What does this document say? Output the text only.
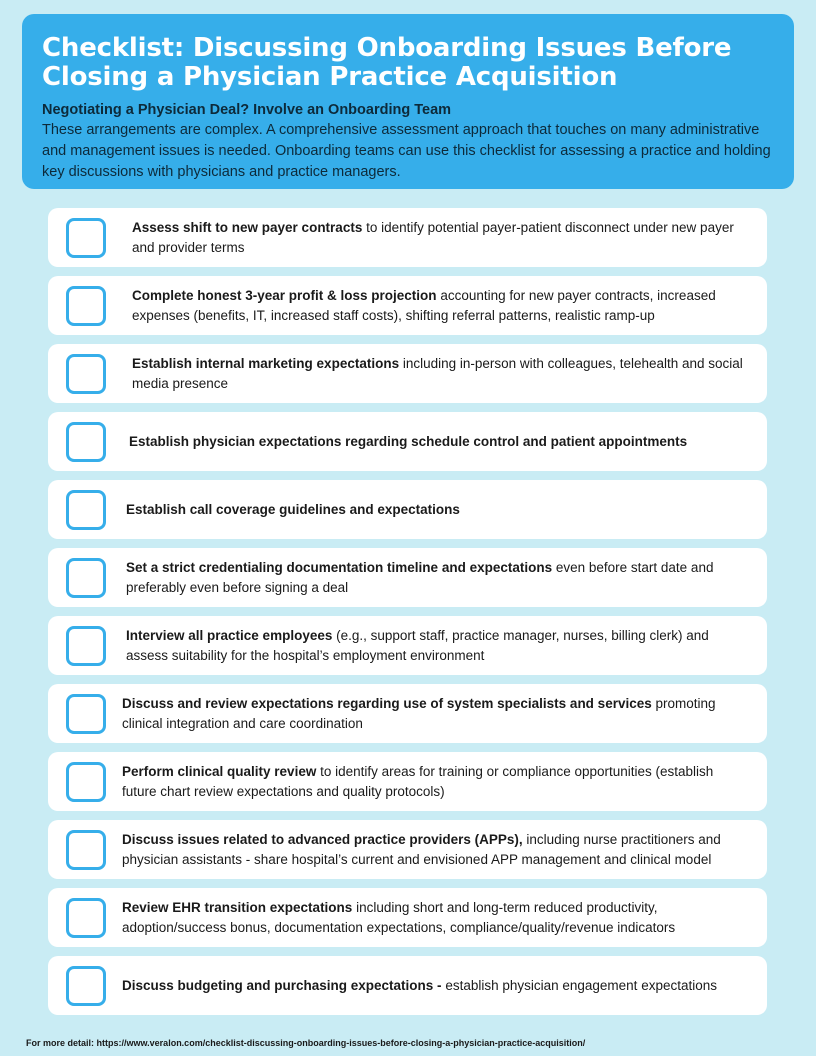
Checklist: Discussing Onboarding Issues Before
Closing a Physician Practice Acquisition
Negotiating a Physician Deal? Involve an Onboarding Team
These arrangements are complex. A comprehensive assessment approach that touches on many administrative and management issues is needed. Onboarding teams can use this checklist for assessing a practice and holding key discussions with physicians and practice managers.
Assess shift to new payer contracts to identify potential payer-patient disconnect under new payer and provider terms
Complete honest 3-year profit & loss projection accounting for new payer contracts, increased expenses (benefits, IT, increased staff costs), shifting referral patterns, realistic ramp-up
Establish internal marketing expectations including in-person with colleagues, telehealth and social media presence
Establish physician expectations regarding schedule control and patient appointments
Establish call coverage guidelines and expectations
Set a strict credentialing documentation timeline and expectations even before start date and preferably even before signing a deal
Interview all practice employees (e.g., support staff, practice manager, nurses, billing clerk) and assess suitability for the hospital’s employment environment
Discuss and review expectations regarding use of system specialists and services promoting clinical integration and care coordination
Perform clinical quality review to identify areas for training or compliance opportunities (establish future chart review expectations and quality protocols)
Discuss issues related to advanced practice providers (APPs), including nurse practitioners and physician assistants - share hospital’s current and envisioned APP management and clinical model
Review EHR transition expectations including short and long-term reduced productivity, adoption/success bonus, documentation expectations, compliance/quality/revenue indicators
Discuss budgeting and purchasing expectations - establish physician engagement expectations
For more detail: https://www.veralon.com/checklist-discussing-onboarding-issues-before-closing-a-physician-practice-acquisition/
